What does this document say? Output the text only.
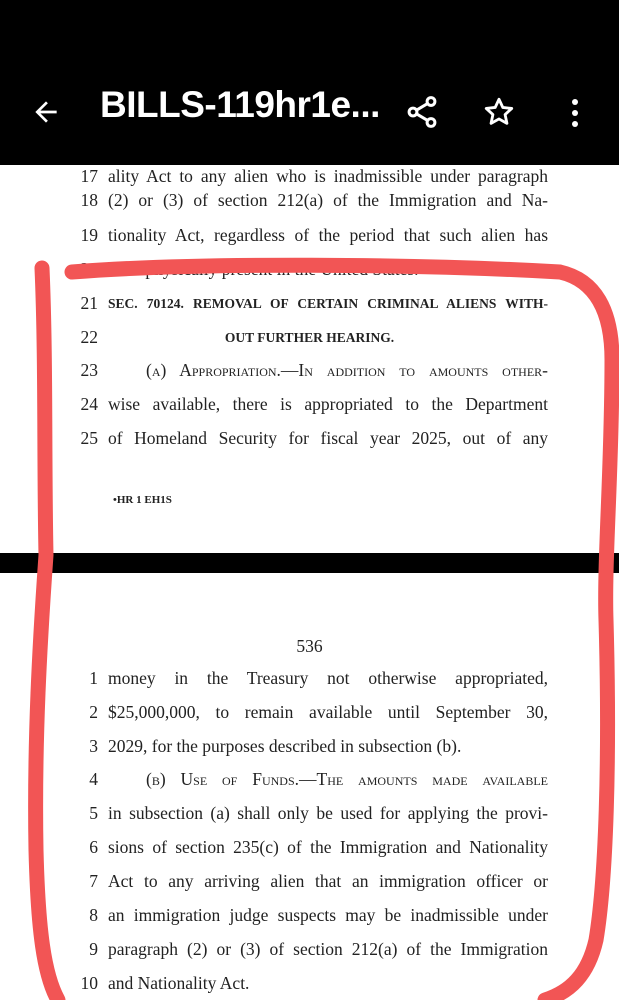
BILLS-119hr1e...
17 ality Act to any alien who is inadmissible under paragraph
18 (2) or (3) of section 212(a) of the Immigration and Na-
19 tionality Act, regardless of the period that such alien has
20 been physically present in the United States.
21 SEC. 70124. REMOVAL OF CERTAIN CRIMINAL ALIENS WITH-
22	OUT FURTHER HEARING.
23	(a) Appropriation.—In addition to amounts other-
24 wise available, there is appropriated to the Department
25 of Homeland Security for fiscal year 2025, out of any
•HR 1 EH1S
536
1 money in the Treasury not otherwise appropriated,
2 $25,000,000, to remain available until September 30,
3 2029, for the purposes described in subsection (b).
4	(b) Use of Funds.—The amounts made available
5 in subsection (a) shall only be used for applying the provi-
6 sions of section 235(c) of the Immigration and Nationality
7 Act to any arriving alien that an immigration officer or
8 an immigration judge suspects may be inadmissible under
9 paragraph (2) or (3) of section 212(a) of the Immigration
10 and Nationality Act.
